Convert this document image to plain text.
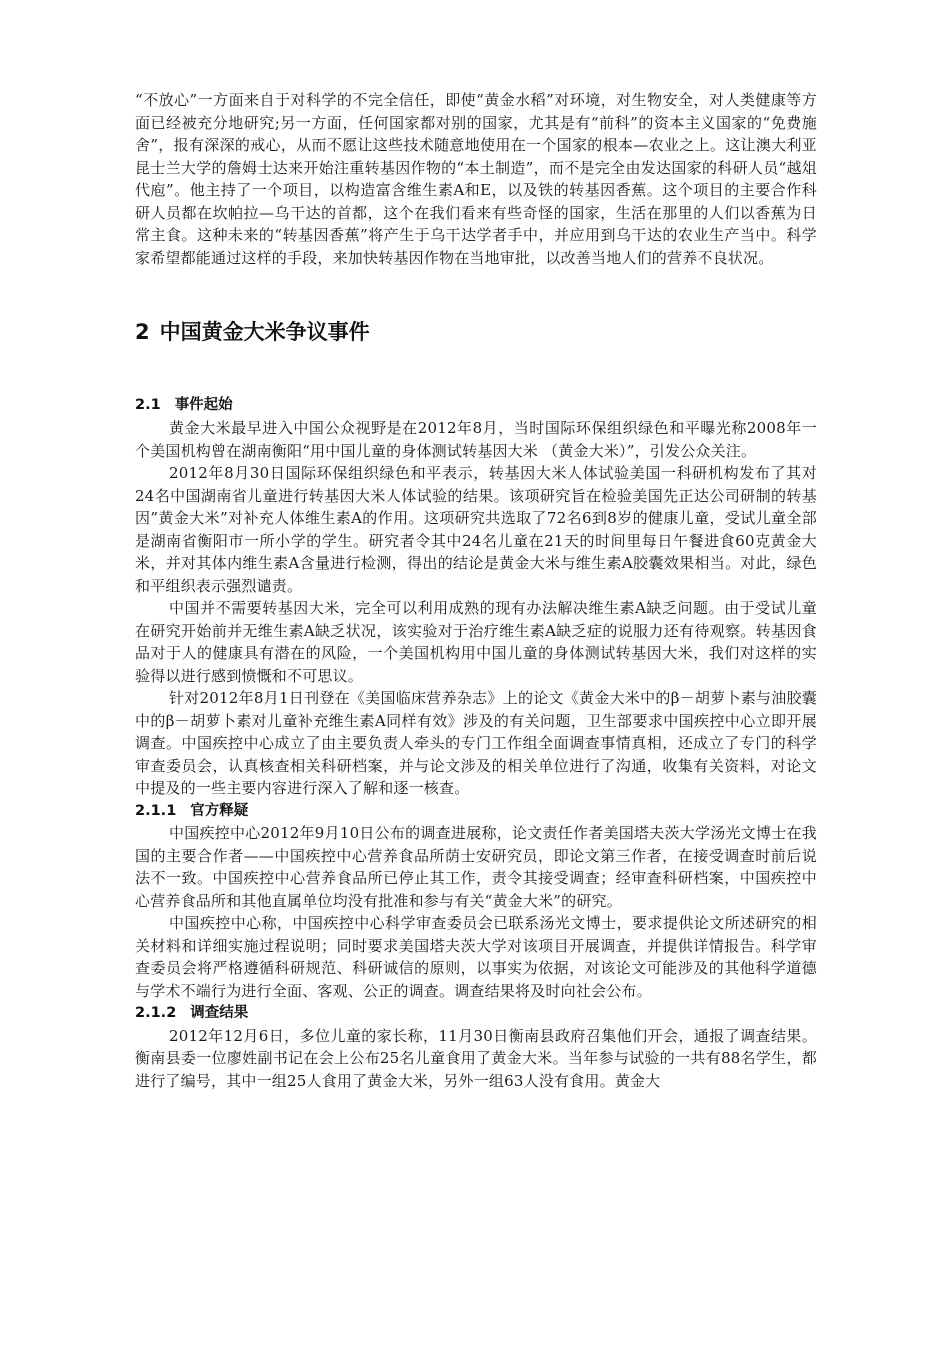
“不放心”一方面来自于对科学的不完全信任，即使“黄金水稻”对环境，对生物安全，对人类健康等方面已经被充分地研究;另一方面，任何国家都对别的国家，尤其是有“前科”的资本主义国家的“免费施舍”，报有深深的戒心，从而不愿让这些技术随意地使用在一个国家的根本—农业之上。这让澳大利亚昆士兰大学的詹姆士达来开始注重转基因作物的“本土制造”，而不是完全由发达国家的科研人员“越俎代庖”。他主持了一个项目，以构造富含维生素A和E，以及铁的转基因香蕉。这个项目的主要合作科研人员都在坎帕拉—乌干达的首都，这个在我们看来有些奇怪的国家，生活在那里的人们以香蕉为日常主食。这种未来的“转基因香蕉”将产生于乌干达学者手中，并应用到乌干达的农业生产当中。科学家希望都能通过这样的手段，来加快转基因作物在当地审批，以改善当地人们的营养不良状况。

2 中国黄金大米争议事件
2.1 事件起始

黄金大米最早进入中国公众视野是在2012年8月，当时国际环保组织绿色和平曝光称2008年一个美国机构曾在湖南衡阳“用中国儿童的身体测试转基因大米 （黄金大米）”，引发公众关注。

2012年8月30日国际环保组织绿色和平表示，转基因大米人体试验美国一科研机构发布了其对24名中国湖南省儿童进行转基因大米人体试验的结果。该项研究旨在检验美国先正达公司研制的转基因”黄金大米”对补充人体维生素A的作用。这项研究共选取了72名6到8岁的健康儿童，受试儿童全部是湖南省衡阳市一所小学的学生。研究者令其中24名儿童在21天的时间里每日午餐进食60克黄金大米，并对其体内维生素A含量进行检测，得出的结论是黄金大米与维生素A胶囊效果相当。对此，绿色和平组织表示强烈谴责。

中国并不需要转基因大米，完全可以利用成熟的现有办法解决维生素A缺乏问题。由于受试儿童在研究开始前并无维生素A缺乏状况，该实验对于治疗维生素A缺乏症的说服力还有待观察。转基因食品对于人的健康具有潜在的风险，一个美国机构用中国儿童的身体测试转基因大米，我们对这样的实验得以进行感到愤慨和不可思议。

针对2012年8月1日刊登在《美国临床营养杂志》上的论文《黄金大米中的β－胡萝卜素与油胶囊中的β－胡萝卜素对儿童补充维生素A同样有效》涉及的有关问题，卫生部要求中国疾控中心立即开展调查。中国疾控中心成立了由主要负责人牵头的专门工作组全面调查事情真相，还成立了专门的科学审查委员会，认真核查相关科研档案，并与论文涉及的相关单位进行了沟通，收集有关资料，对论文中提及的一些主要内容进行深入了解和逐一核查。

2.1.1 官方释疑

中国疾控中心2012年9月10日公布的调查进展称，论文责任作者美国塔夫茨大学汤光文博士在我国的主要合作者——中国疾控中心营养食品所荫士安研究员，即论文第三作者，在接受调查时前后说法不一致。中国疾控中心营养食品所已停止其工作，责令其接受调查；经审查科研档案，中国疾控中心营养食品所和其他直属单位均没有批准和参与有关“黄金大米”的研究。

中国疾控中心称，中国疾控中心科学审查委员会已联系汤光文博士，要求提供论文所述研究的相关材料和详细实施过程说明；同时要求美国塔夫茨大学对该项目开展调查，并提供详情报告。科学审查委员会将严格遵循科研规范、科研诚信的原则，以事实为依据，对该论文可能涉及的其他科学道德与学术不端行为进行全面、客观、公正的调查。调查结果将及时向社会公布。

2.1.2 调查结果

2012年12月6日，多位儿童的家长称，11月30日衡南县政府召集他们开会，通报了调查结果。衡南县委一位廖姓副书记在会上公布25名儿童食用了黄金大米。当年参与试验的一共有88名学生，都进行了编号，其中一组25人食用了黄金大米，另外一组63人没有食用。黄金大
